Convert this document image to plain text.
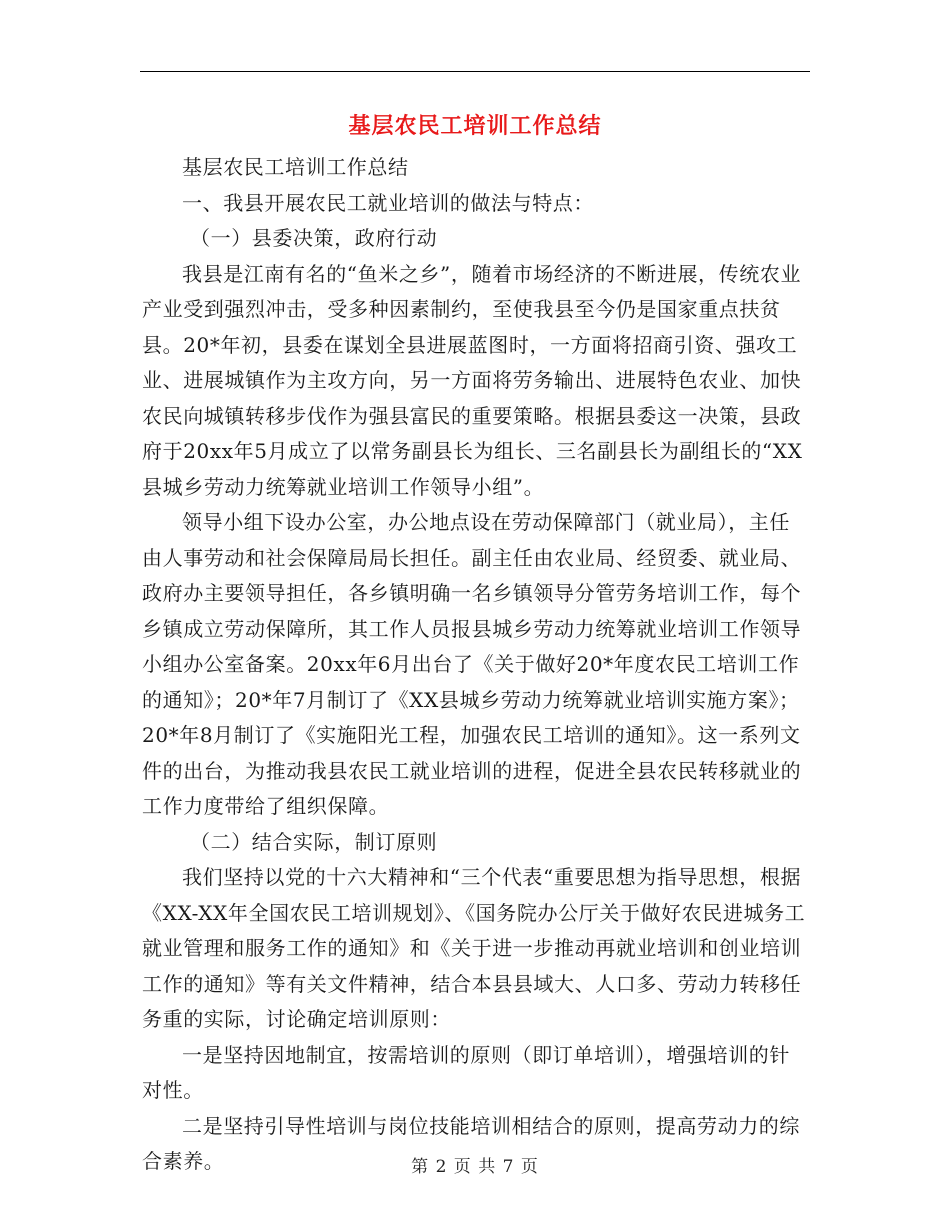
基层农民工培训工作总结

基层农民工培训工作总结

一、我县开展农民工就业培训的做法与特点：

（一）县委决策，政府行动

我县是江南有名的“鱼米之乡”，随着市场经济的不断进展，传统农业产业受到强烈冲击，受多种因素制约，至使我县至今仍是国家重点扶贫县。20*年初，县委在谋划全县进展蓝图时，一方面将招商引资、强攻工业、进展城镇作为主攻方向，另一方面将劳务输出、进展特色农业、加快农民向城镇转移步伐作为强县富民的重要策略。根据县委这一决策，县政府于20xx年5月成立了以常务副县长为组长、三名副县长为副组长的“XX县城乡劳动力统筹就业培训工作领导小组”。

领导小组下设办公室，办公地点设在劳动保障部门（就业局），主任由人事劳动和社会保障局局长担任。副主任由农业局、经贸委、就业局、政府办主要领导担任，各乡镇明确一名乡镇领导分管劳务培训工作，每个乡镇成立劳动保障所，其工作人员报县城乡劳动力统筹就业培训工作领导小组办公室备案。20xx年6月出台了《关于做好20*年度农民工培训工作的通知》；20*年7月制订了《XX县城乡劳动力统筹就业培训实施方案》；20*年8月制订了《实施阳光工程，加强农民工培训的通知》。这一系列文件的出台，为推动我县农民工就业培训的进程，促进全县农民转移就业的工作力度带给了组织保障。

（二）结合实际，制订原则

我们坚持以党的十六大精神和“三个代表“重要思想为指导思想，根据《XX-XX年全国农民工培训规划》、《国务院办公厅关于做好农民进城务工就业管理和服务工作的通知》和《关于进一步推动再就业培训和创业培训工作的通知》等有关文件精神，结合本县县域大、人口多、劳动力转移任务重的实际，讨论确定培训原则：

一是坚持因地制宜，按需培训的原则（即订单培训），增强培训的针对性。

二是坚持引导性培训与岗位技能培训相结合的原则，提高劳动力的综合素养。	第 2 页 共 7 页
